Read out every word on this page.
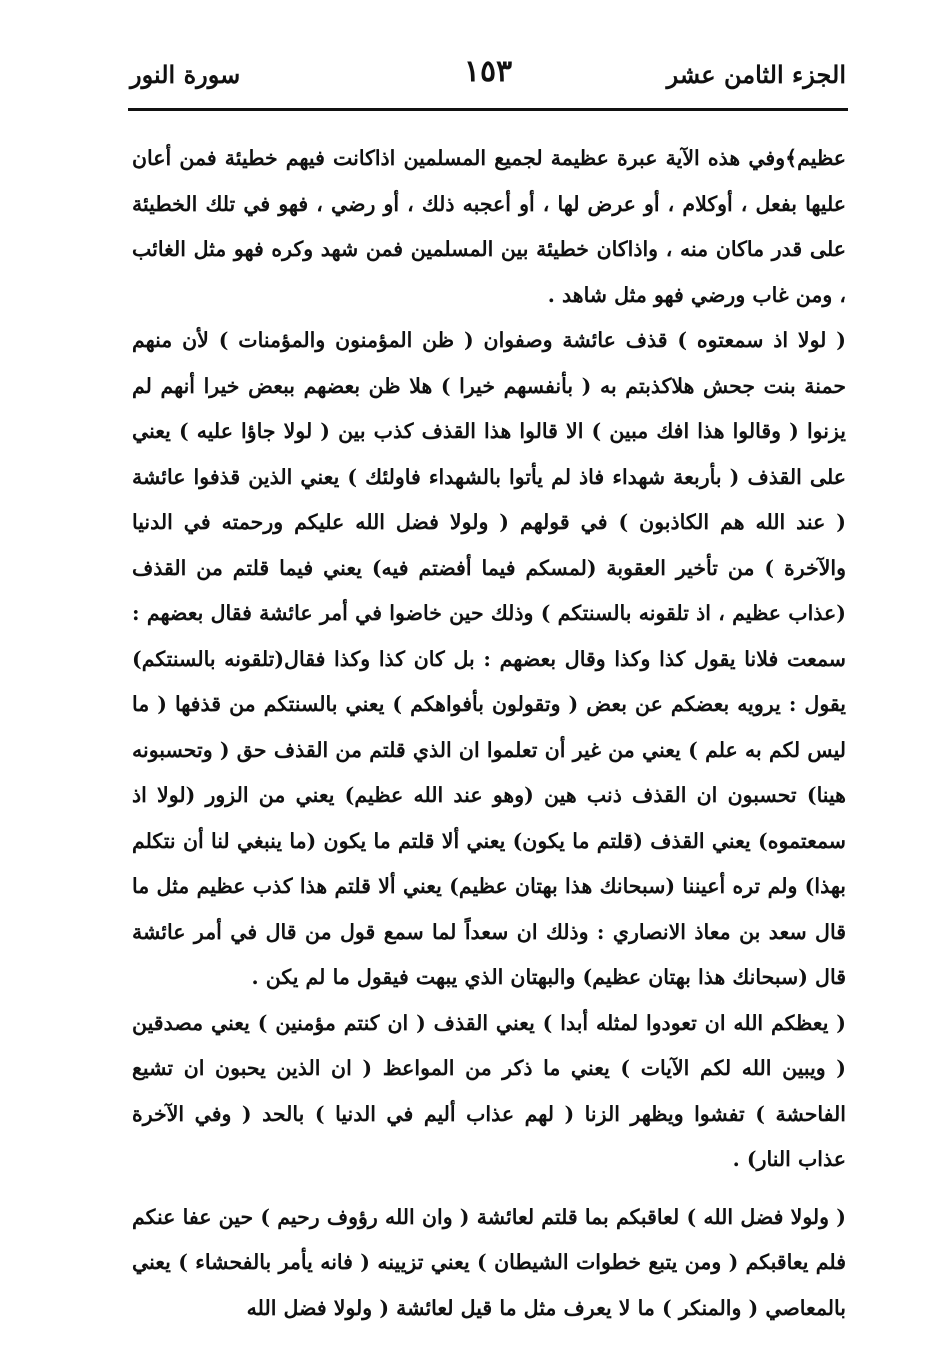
الجزء الثامن عشر
١٥٣
سورة النور

عظيم﴾وفي هذه الآية عبرة عظيمة لجميع المسلمين اذاكانت فيهم خطيئة فمن أعان عليها بفعل ، أوكلام ، أو عرض لها ، أو أعجبه ذلك ، أو رضي ، فهو في تلك الخطيئة على قدر ماكان منه ، واذاكان خطيئة بين المسلمين فمن شهد وكره فهو مثل الغائب ، ومن غاب ورضي فهو مثل شاهد .

( لولا اذ سمعتوه ) قذف عائشة وصفوان ( ظن المؤمنون والمؤمنات ) لأن منهم حمنة بنت جحش هلاكذبتم به ( بأنفسهم خيرا ) هلا ظن بعضهم ببعض خيرا أنهم لم يزنوا ( وقالوا هذا افك مبين ) الا قالوا هذا القذف كذب بين ( لولا جاؤا عليه ) يعني على القذف ( بأربعة شهداء فاذ لم يأتوا بالشهداء فاولئك ) يعني الذين قذفوا عائشة ( عند الله هم الكاذبون ) في قولهم ( ولولا فضل الله عليكم ورحمته في الدنيا والآخرة ) من تأخير العقوبة (لمسكم فيما أفضتم فيه) يعني فيما قلتم من القذف (عذاب عظيم ، اذ تلقونه بالسنتكم ) وذلك حين خاضوا في أمر عائشة فقال بعضهم : سمعت فلانا يقول كذا وكذا وقال بعضهم : بل كان كذا وكذا فقال(تلقونه بالسنتكم) يقول : يرويه بعضكم عن بعض ( وتقولون بأفواهكم ) يعني بالسنتكم من قذفها ( ما ليس لكم به علم ) يعني من غير أن تعلموا ان الذي قلتم من القذف حق ( وتحسبونه هينا) تحسبون ان القذف ذنب هين (وهو عند الله عظيم) يعني من الزور (لولا اذ سمعتموه) يعني القذف (قلتم ما يكون) يعني ألا قلتم ما يكون (ما ينبغي لنا أن نتكلم بهذا) ولم تره أعيننا (سبحانك هذا بهتان عظيم) يعني ألا قلتم هذا كذب عظيم مثل ما قال سعد بن معاذ الانصاري : وذلك ان سعداً لما سمع قول من قال في أمر عائشة قال (سبحانك هذا بهتان عظيم) والبهتان الذي يبهت فيقول ما لم يكن .

( يعظكم الله ان تعودوا لمثله أبدا ) يعني القذف ( ان كنتم مؤمنين ) يعني مصدقين ( ويبين الله لكم الآيات ) يعني ما ذكر من المواعظ ( ان الذين يحبون ان تشيع الفاحشة ) تفشوا ويظهر الزنا ( لهم عذاب أليم في الدنيا ) بالحد ( وفي الآخرة عذاب النار) .

( ولولا فضل الله ) لعاقبكم بما قلتم لعائشة ( وان الله رؤوف رحيم ) حين عفا عنكم فلم يعاقبكم ( ومن يتبع خطوات الشيطان ) يعني تزيينه ( فانه يأمر بالفحشاء ) يعني بالمعاصي ( والمنكر ) ما لا يعرف مثل ما قيل لعائشة ( ولولا فضل الله
